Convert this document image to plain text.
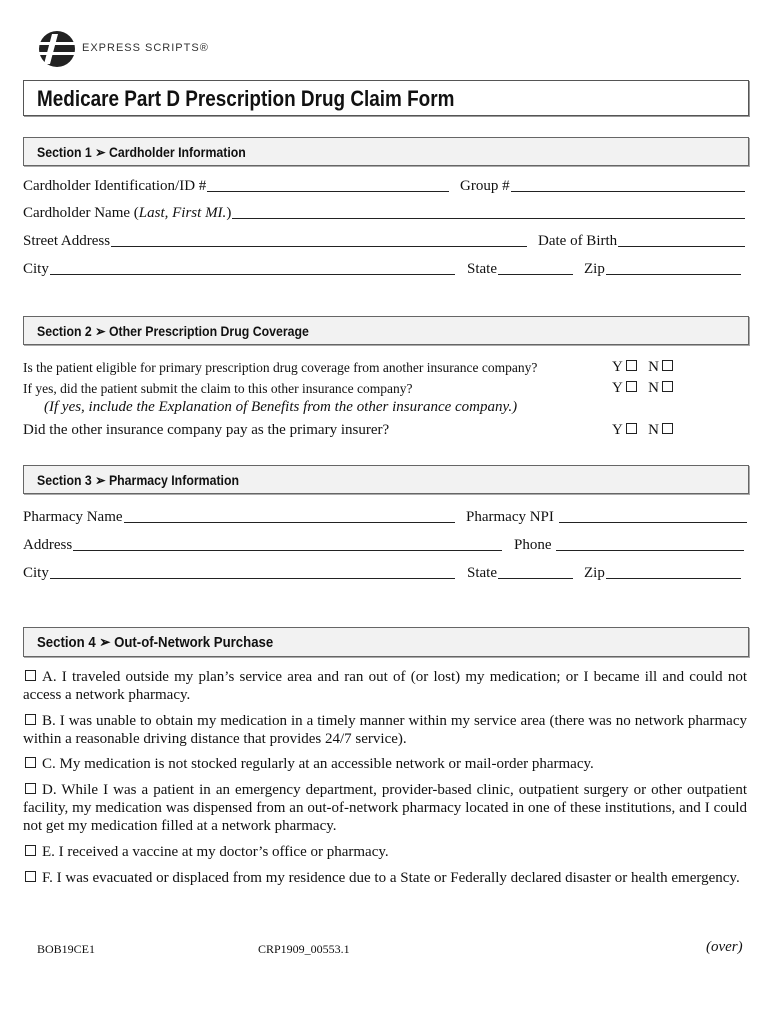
EXPRESS SCRIPTS®
Medicare Part D Prescription Drug Claim Form
Section 1 ➢ Cardholder Information
Cardholder Identification/ID #	Group #
Cardholder Name ( Last, First MI. )
Street Address	Date of Birth
City	State	Zip
Section 2 ➢ Other Prescription Drug Coverage
Is the patient eligible for primary prescription drug coverage from another insurance company?	Y N
If yes, did the patient submit the claim to this other insurance company?	Y N
(If yes, include the Explanation of Benefits from the other insurance company.)
Did the other insurance company pay as the primary insurer?	Y N
Section 3 ➢ Pharmacy Information
Pharmacy Name	Pharmacy NPI

Address	Phone

City	State	Zip
Section 4 ➢ Out-of-Network Purchase
A. I traveled outside my plan’s service area and ran out of (or lost) my medication; or I became ill and could not access a network pharmacy.
B. I was unable to obtain my medication in a timely manner within my service area (there was no network pharmacy within a reasonable driving distance that provides 24/7 service).
C. My medication is not stocked regularly at an accessible network or mail-order pharmacy.
D. While I was a patient in an emergency department, provider-based clinic, outpatient surgery or other outpatient facility, my medication was dispensed from an out-of-network pharmacy located in one of these institutions, and I could not get my medication filled at a network pharmacy.
E. I received a vaccine at my doctor’s office or pharmacy.
F. I was evacuated or displaced from my residence due to a State or Federally declared disaster or health emergency.
BOB19CE1	CRP1909_00553.1	(over)
